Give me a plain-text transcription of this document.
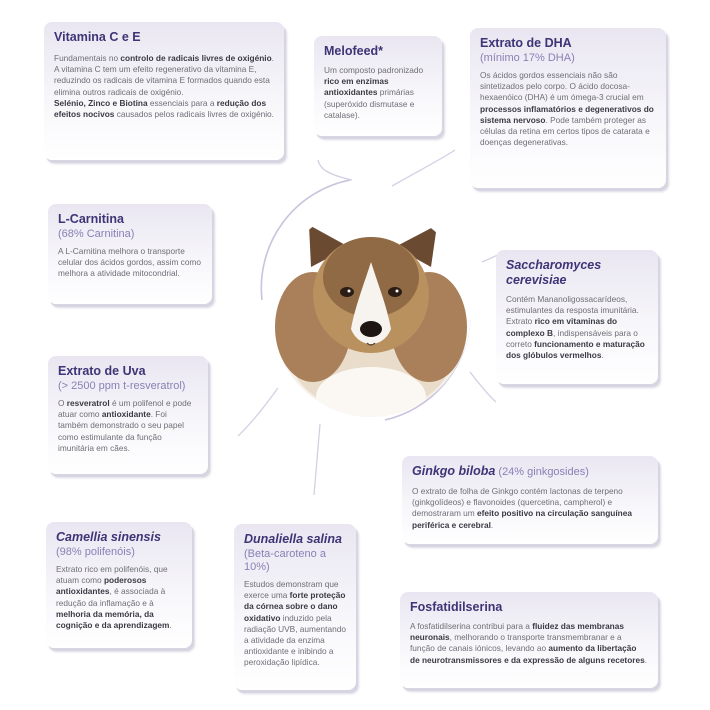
Vitamina C e E
Fundamentais no controlo de radicais livres de oxigénio. A vitamina C tem um efeito regenerativo da vitamina E, reduzindo os radicais de vitamina E formados quando esta elimina outros radicais de oxigénio.
Selénio, Zinco e Biotina essenciais para a redução dos efeitos nocivos causados pelos radicais livres de oxigénio.
Melofeed*
Um composto padronizado rico em enzimas antioxidantes primárias (superóxido dismutase e catalase).
Extrato de DHA
(mínimo 17% DHA)
Os ácidos gordos essenciais não são sintetizados pelo corpo. O ácido docosa-hexaenóico (DHA) é um ómega-3 crucial em processos inflamatórios e degenerativos do sistema nervoso. Pode também proteger as células da retina em certos tipos de catarata e doenças degenerativas.
L-Carnitina
(68% Carnitina)
A L-Carnitina melhora o transporte celular dos ácidos gordos, assim como melhora a atividade mitocondrial.
Saccharomyces cerevisiae
Contém Mananoligossacarídeos, estimulantes da resposta imunitária. Extrato rico em vitaminas do complexo B, indispensáveis para o correto funcionamento e maturação dos glóbulos vermelhos.
Extrato de Uva
(> 2500 ppm t-resveratrol)
O resveratrol é um polifenol e pode atuar como antioxidante. Foi também demonstrado o seu papel como estimulante da função imunitária em cães.
Ginkgo biloba (24% ginkgosides)
O extrato de folha de Ginkgo contém lactonas de terpeno (ginkgolídeos) e flavonoides (quercetina, campherol) e demostraram um efeito positivo na circulação sanguínea periférica e cerebral.
Camellia sinensis
(98% polifenóis)
Extrato rico em polifenóis, que atuam como poderosos antioxidantes, é associada à redução da inflamação e à melhoria da memória, da cognição e da aprendizagem.
Dunaliella salina
(Beta-caroteno a 10%)
Estudos demonstram que exerce uma forte proteção da córnea sobre o dano oxidativo induzido pela radiação UVB, aumentando a atividade da enzima antioxidante e inibindo a peroxidação lipídica.
Fosfatidilserina
A fosfatidilserina contribui para a fluidez das membranas neuronais, melhorando o transporte transmembranar e a função de canais iónicos, levando ao aumento da libertação de neurotransmissores e da expressão de alguns recetores.
